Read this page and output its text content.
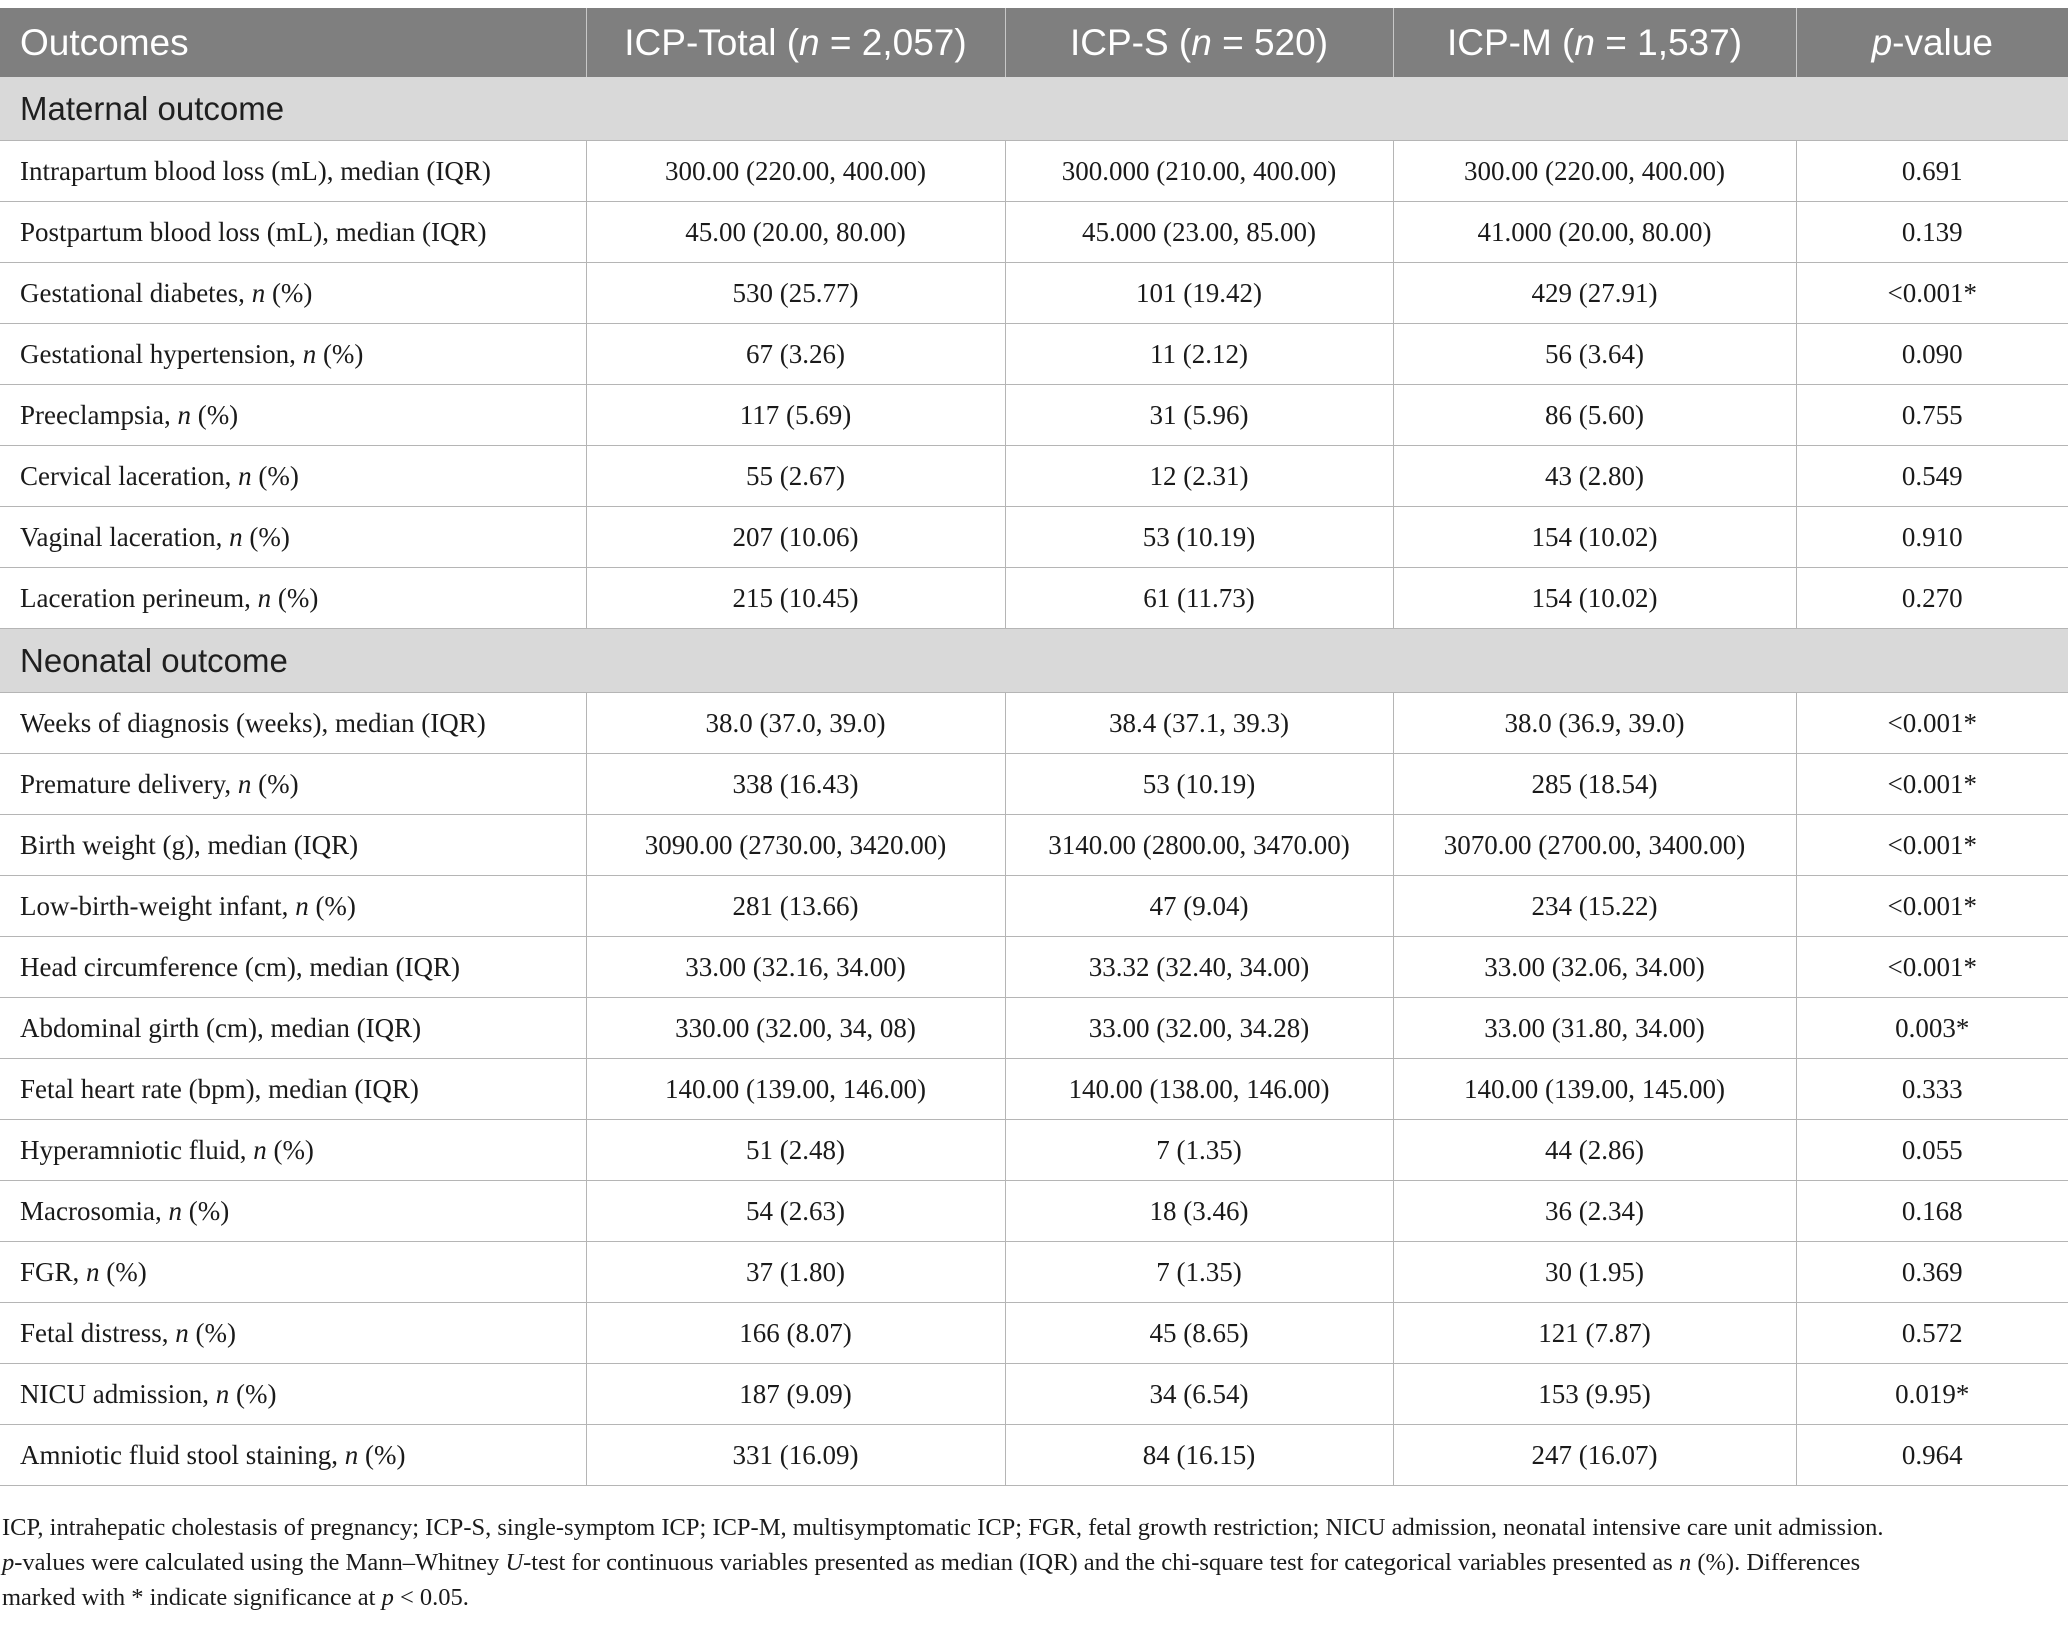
Outcomes	ICP-Total (n = 2,057)	ICP-S (n = 520)	ICP-M (n = 1,537)	p-value
Maternal outcome				
Intrapartum blood loss (mL), median (IQR)	300.00 (220.00, 400.00)	300.000 (210.00, 400.00)	300.00 (220.00, 400.00)	0.691
Postpartum blood loss (mL), median (IQR)	45.00 (20.00, 80.00)	45.000 (23.00, 85.00)	41.000 (20.00, 80.00)	0.139
Gestational diabetes, n (%)	530 (25.77)	101 (19.42)	429 (27.91)	<0.001*
Gestational hypertension, n (%)	67 (3.26)	11 (2.12)	56 (3.64)	0.090
Preeclampsia, n (%)	117 (5.69)	31 (5.96)	86 (5.60)	0.755
Cervical laceration, n (%)	55 (2.67)	12 (2.31)	43 (2.80)	0.549
Vaginal laceration, n (%)	207 (10.06)	53 (10.19)	154 (10.02)	0.910
Laceration perineum, n (%)	215 (10.45)	61 (11.73)	154 (10.02)	0.270
Neonatal outcome				
Weeks of diagnosis (weeks), median (IQR)	38.0 (37.0, 39.0)	38.4 (37.1, 39.3)	38.0 (36.9, 39.0)	<0.001*
Premature delivery, n (%)	338 (16.43)	53 (10.19)	285 (18.54)	<0.001*
Birth weight (g), median (IQR)	3090.00 (2730.00, 3420.00)	3140.00 (2800.00, 3470.00)	3070.00 (2700.00, 3400.00)	<0.001*
Low-birth-weight infant, n (%)	281 (13.66)	47 (9.04)	234 (15.22)	<0.001*
Head circumference (cm), median (IQR)	33.00 (32.16, 34.00)	33.32 (32.40, 34.00)	33.00 (32.06, 34.00)	<0.001*
Abdominal girth (cm), median (IQR)	330.00 (32.00, 34, 08)	33.00 (32.00, 34.28)	33.00 (31.80, 34.00)	0.003*
Fetal heart rate (bpm), median (IQR)	140.00 (139.00, 146.00)	140.00 (138.00, 146.00)	140.00 (139.00, 145.00)	0.333
Hyperamniotic fluid, n (%)	51 (2.48)	7 (1.35)	44 (2.86)	0.055
Macrosomia, n (%)	54 (2.63)	18 (3.46)	36 (2.34)	0.168
FGR, n (%)	37 (1.80)	7 (1.35)	30 (1.95)	0.369
Fetal distress, n (%)	166 (8.07)	45 (8.65)	121 (7.87)	0.572
NICU admission, n (%)	187 (9.09)	34 (6.54)	153 (9.95)	0.019*
Amniotic fluid stool staining, n (%)	331 (16.09)	84 (16.15)	247 (16.07)	0.964

ICP, intrahepatic cholestasis of pregnancy; ICP-S, single-symptom ICP; ICP-M, multisymptomatic ICP; FGR, fetal growth restriction; NICU admission, neonatal intensive care unit admission.

p-values were calculated using the Mann–Whitney U-test for continuous variables presented as median (IQR) and the chi-square test for categorical variables presented as n (%). Differences

marked with * indicate significance at p < 0.05.
